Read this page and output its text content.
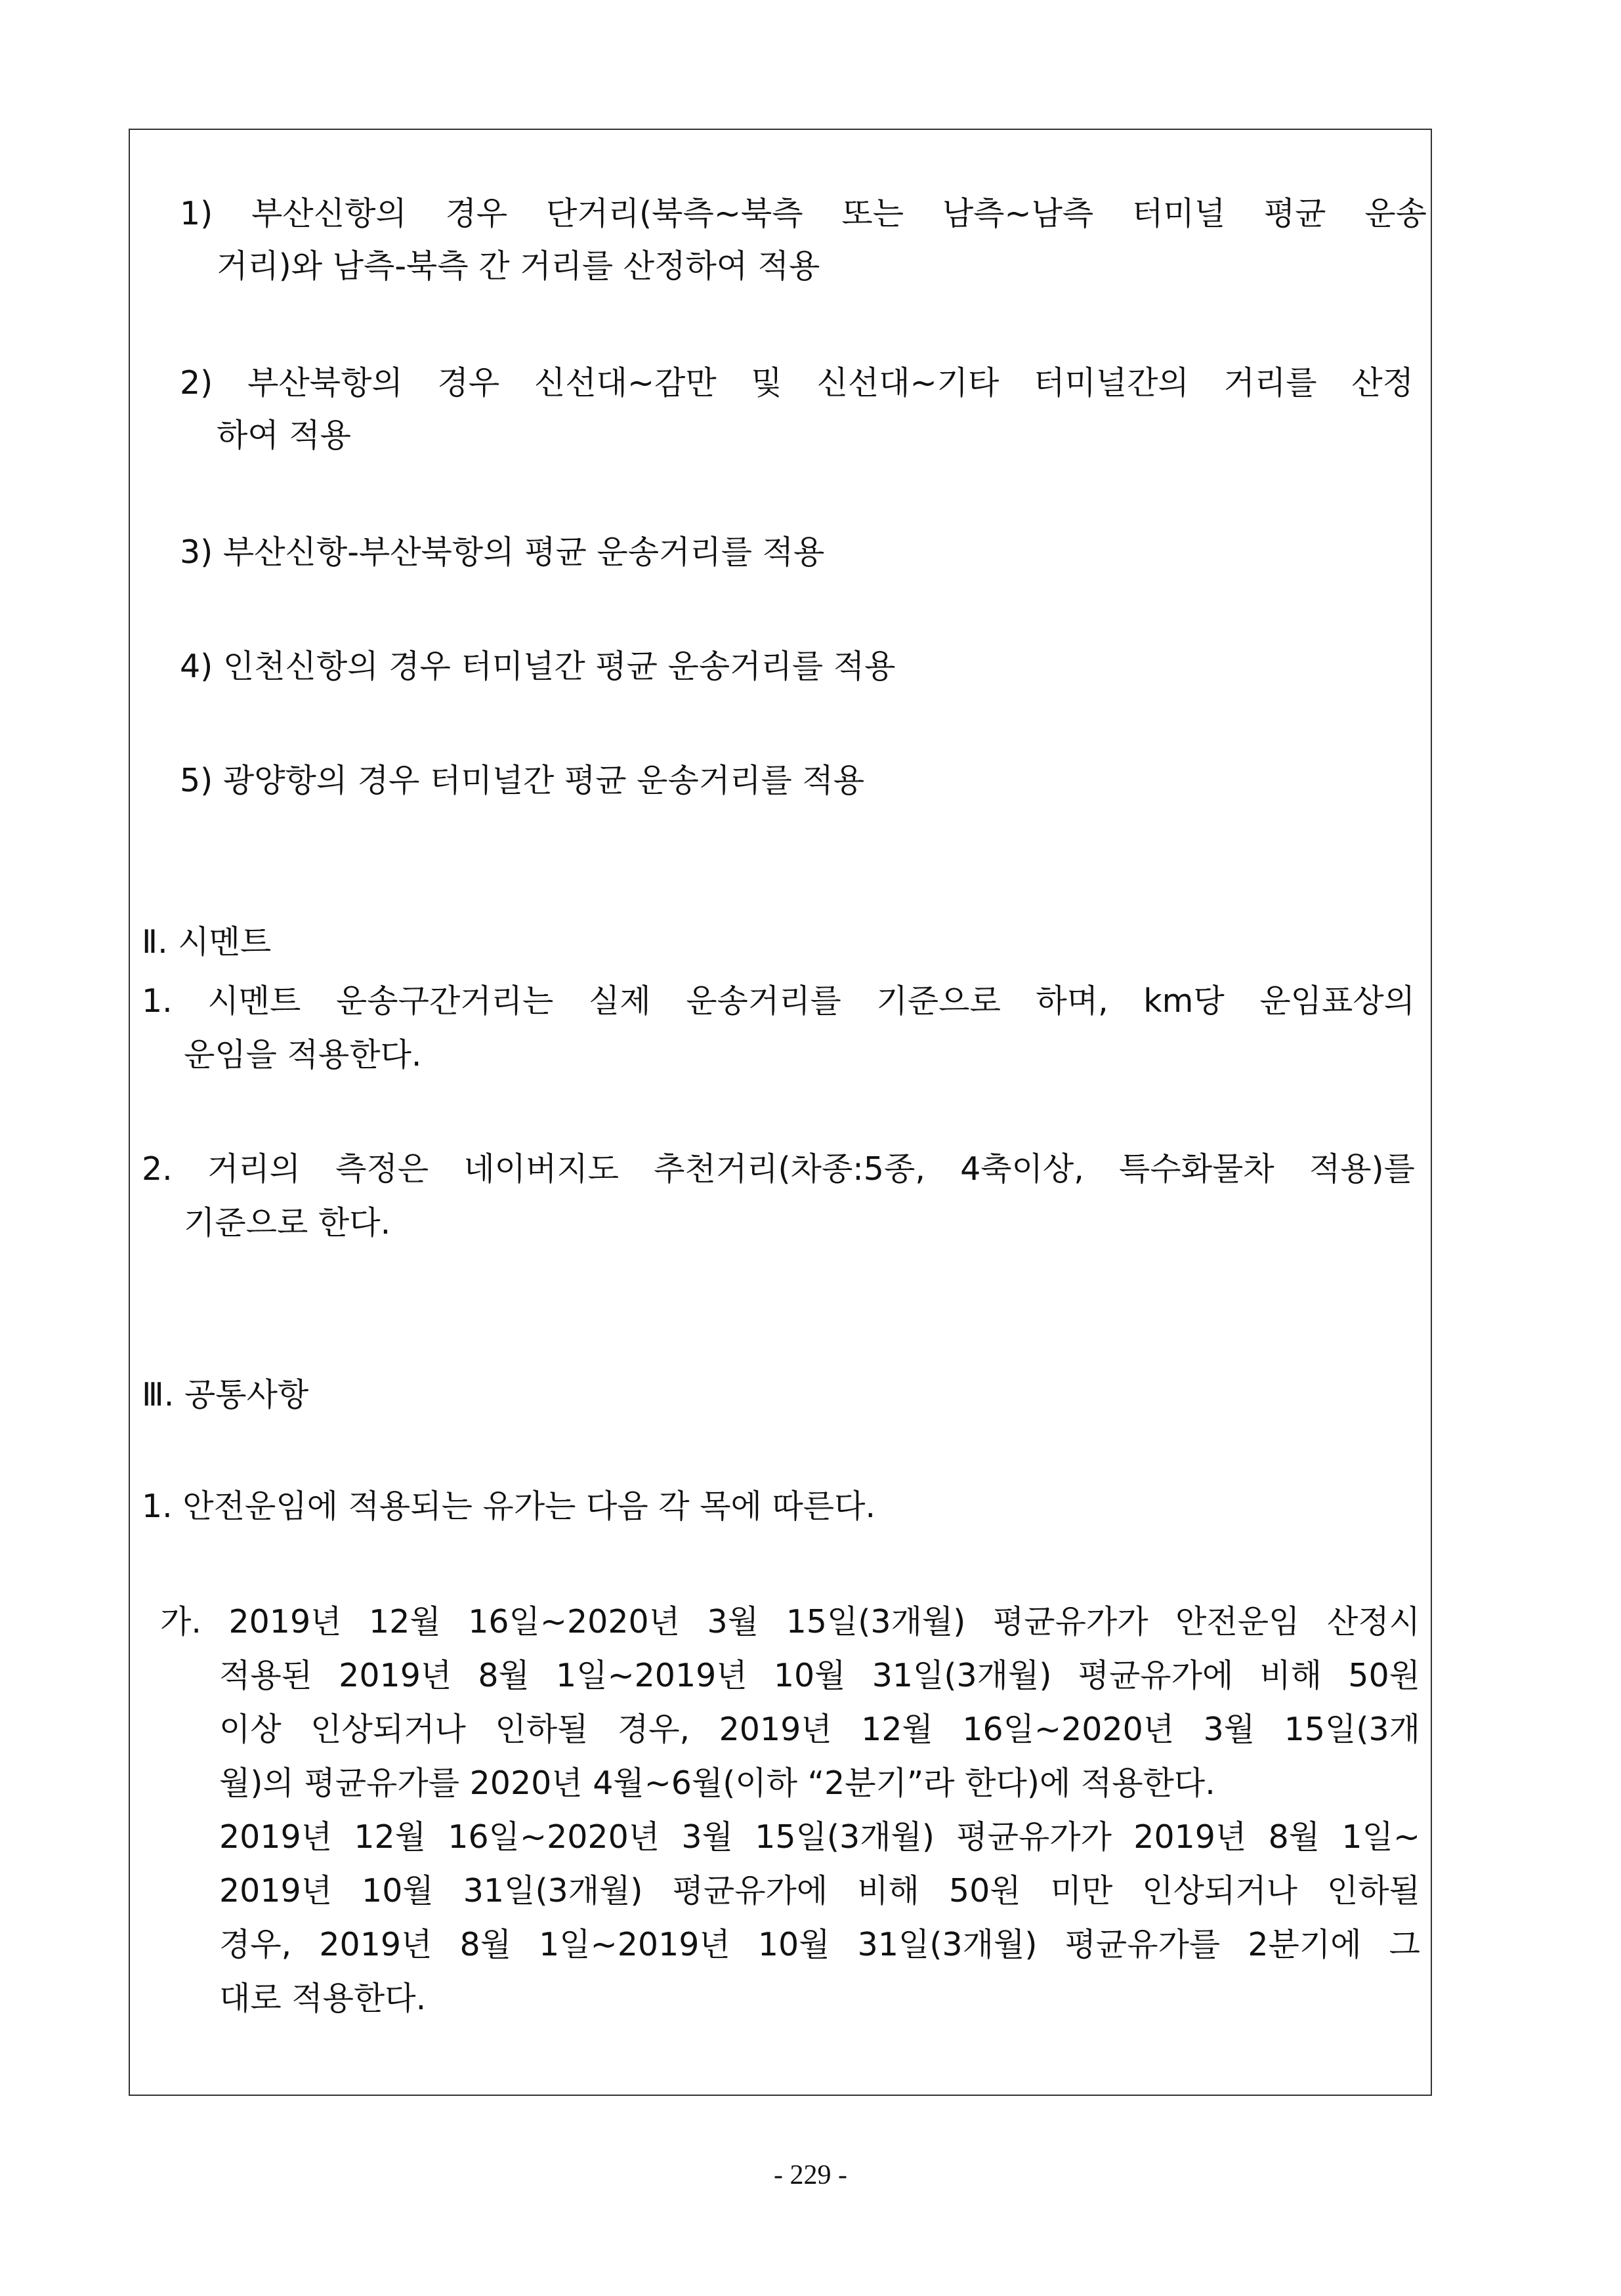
1) 부산신항의 경우 단거리(북측∼북측 또는 남측∼남측 터미널 평균 운송

거리)와 남측-북측 간 거리를 산정하여 적용

2) 부산북항의 경우 신선대∼감만 및 신선대∼기타 터미널간의 거리를 산정

하여 적용

3) 부산신항-부산북항의 평균 운송거리를 적용

4) 인천신항의 경우 터미널간 평균 운송거리를 적용

5) 광양항의 경우 터미널간 평균 운송거리를 적용

Ⅱ. 시멘트

1. 시멘트 운송구간거리는 실제 운송거리를 기준으로 하며, km당 운임표상의

운임을 적용한다.

2. 거리의 측정은 네이버지도 추천거리(차종:5종, 4축이상, 특수화물차 적용)를

기준으로 한다.

Ⅲ. 공통사항

1. 안전운임에 적용되는 유가는 다음 각 목에 따른다.

가. 2019년 12월 16일∼2020년 3월 15일(3개월) 평균유가가 안전운임 산정시

적용된 2019년 8월 1일∼2019년 10월 31일(3개월) 평균유가에 비해 50원

이상 인상되거나 인하될 경우, 2019년 12월 16일∼2020년 3월 15일(3개

월)의 평균유가를 2020년 4월∼6월(이하 “2분기”라 한다)에 적용한다.

2019년 12월 16일∼2020년 3월 15일(3개월) 평균유가가 2019년 8월 1일∼

2019년 10월 31일(3개월) 평균유가에 비해 50원 미만 인상되거나 인하될

경우, 2019년 8월 1일∼2019년 10월 31일(3개월) 평균유가를 2분기에 그

대로 적용한다.

- 229 -
